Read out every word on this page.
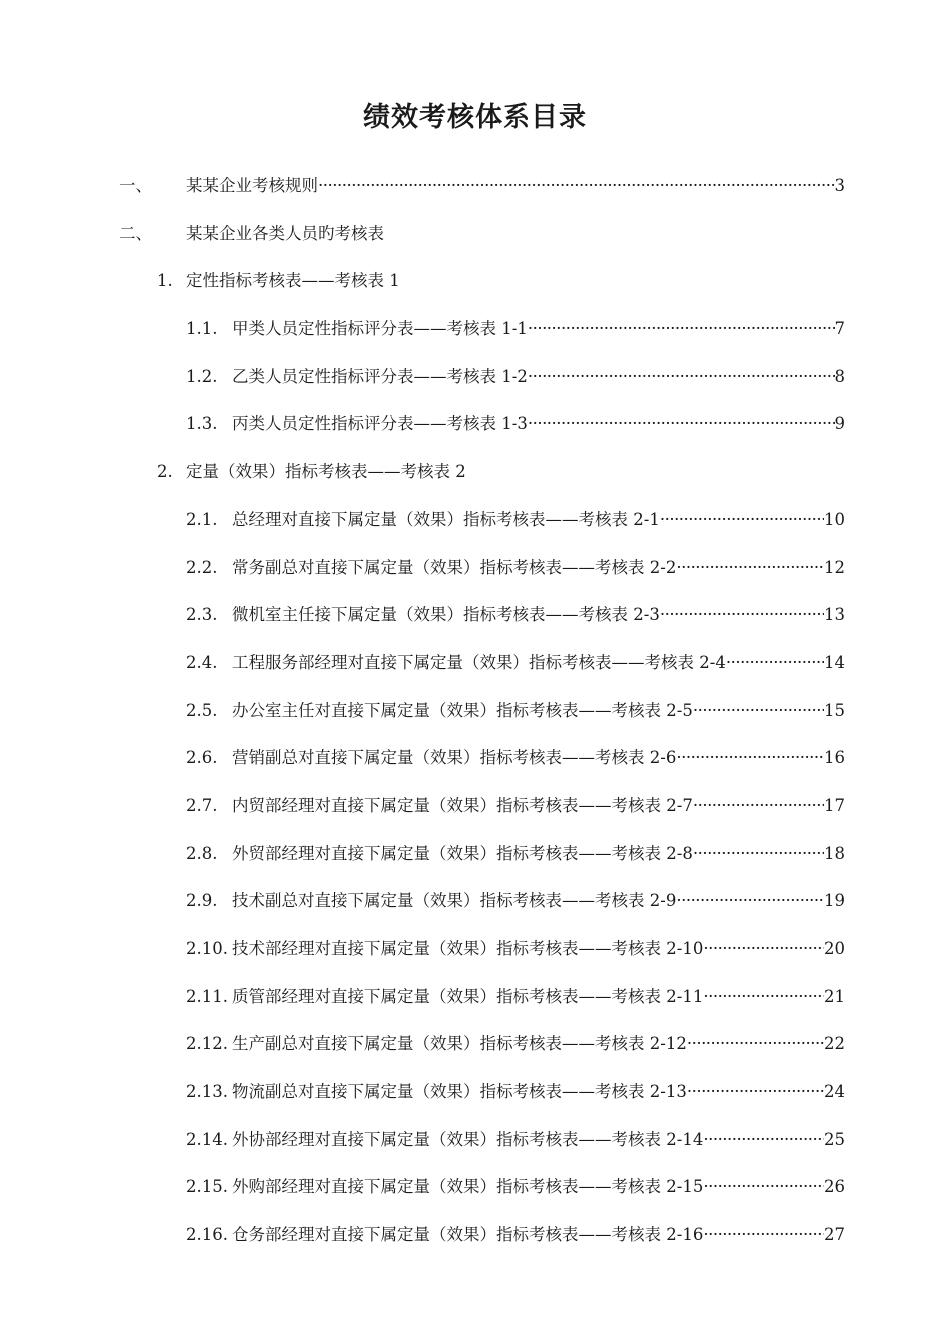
绩效考核体系目录
一、 某某企业考核规则 ·····	3
二、 某某企业各类人员旳考核表
1. 定性指标考核表——考核表 1
1.1. 甲类人员定性指标评分表——考核表 1-1 ·····	7
1.2. 乙类人员定性指标评分表——考核表 1-2 ·····	8
1.3. 丙类人员定性指标评分表——考核表 1-3 ·····	9
2. 定量（效果）指标考核表——考核表 2
2.1. 总经理对直接下属定量（效果）指标考核表——考核表 2-1 ·····	10
2.2. 常务副总对直接下属定量（效果）指标考核表——考核表 2-2 ·····	12
2.3. 微机室主任接下属定量（效果）指标考核表——考核表 2-3 ·····	13
2.4. 工程服务部经理对直接下属定量（效果）指标考核表——考核表 2-4 ·····	14
2.5. 办公室主任对直接下属定量（效果）指标考核表——考核表 2-5 ·····	15
2.6. 营销副总对直接下属定量（效果）指标考核表——考核表 2-6 ·····	16
2.7. 内贸部经理对直接下属定量（效果）指标考核表——考核表 2-7 ·····	17
2.8. 外贸部经理对直接下属定量（效果）指标考核表——考核表 2-8 ·····	18
2.9. 技术副总对直接下属定量（效果）指标考核表——考核表 2-9 ·····	19
2.10. 技术部经理对直接下属定量（效果）指标考核表——考核表 2-10 ·····	20
2.11. 质管部经理对直接下属定量（效果）指标考核表——考核表 2-11 ·····	21
2.12. 生产副总对直接下属定量（效果）指标考核表——考核表 2-12 ·····	22
2.13. 物流副总对直接下属定量（效果）指标考核表——考核表 2-13 ·····	24
2.14. 外协部经理对直接下属定量（效果）指标考核表——考核表 2-14 ·····	25
2.15. 外购部经理对直接下属定量（效果）指标考核表——考核表 2-15 ·····	26
2.16. 仓务部经理对直接下属定量（效果）指标考核表——考核表 2-16 ·····	27
